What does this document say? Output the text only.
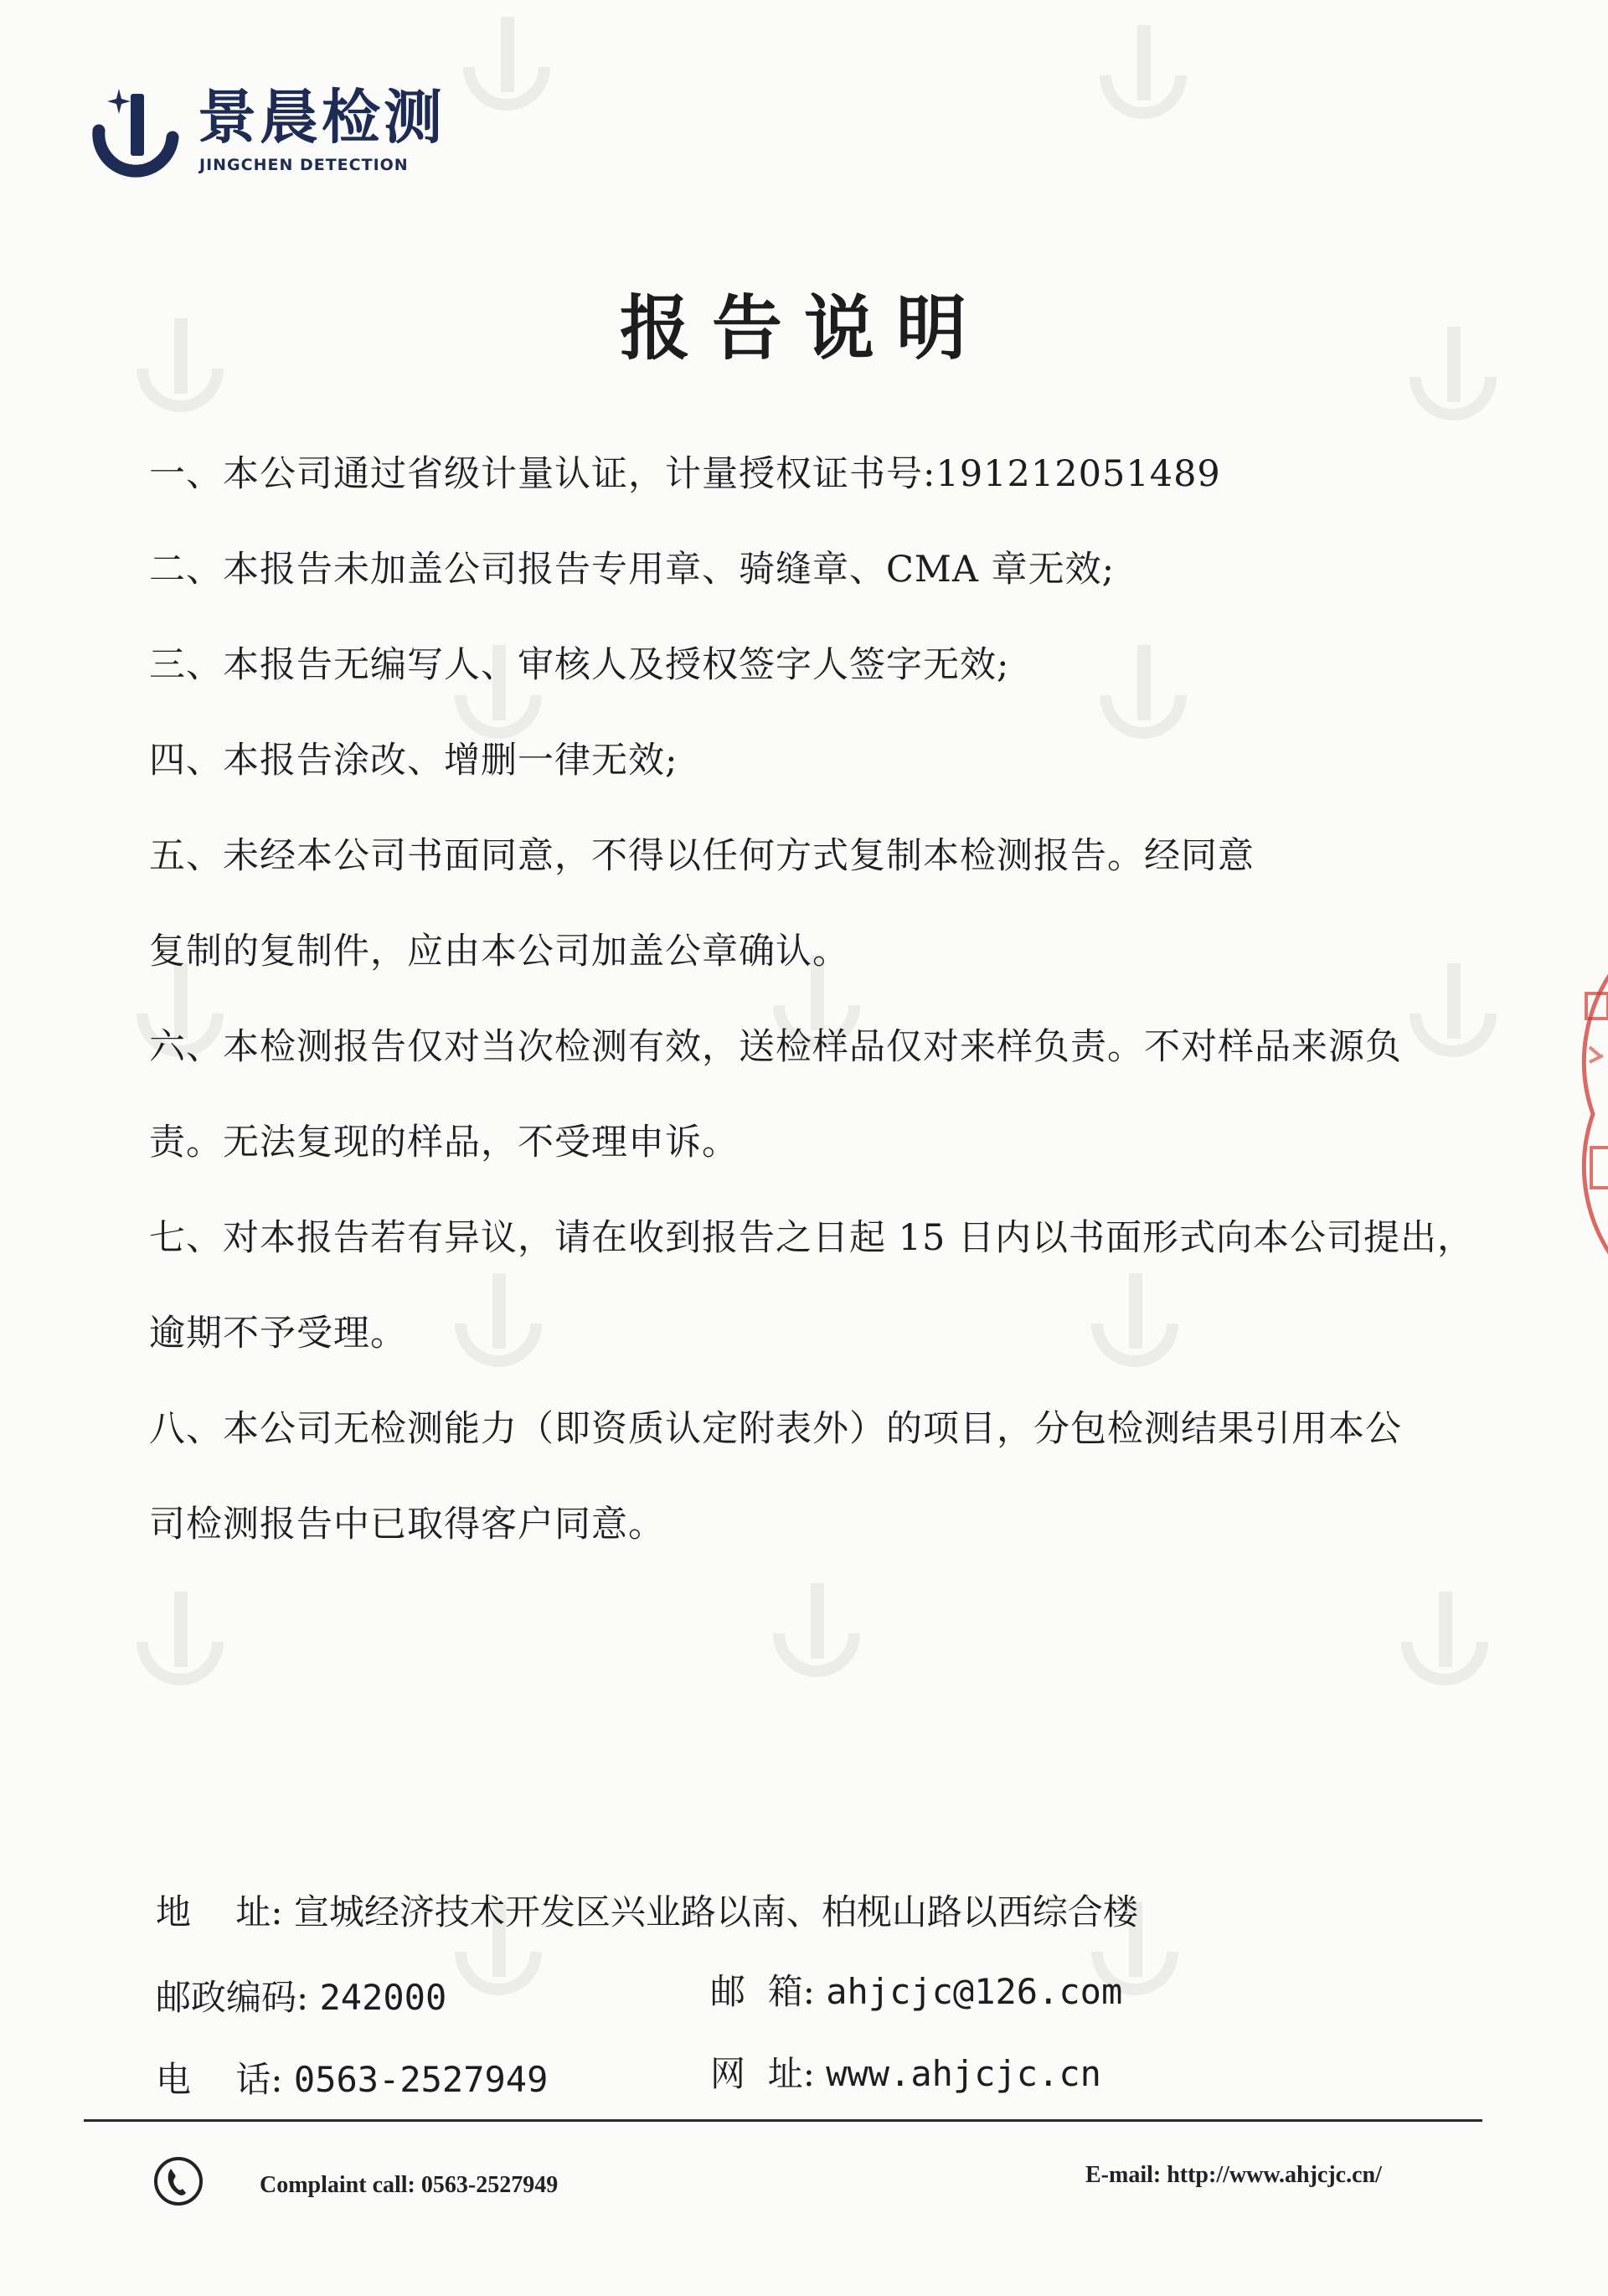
景晨检测
JINGCHEN DETECTION
报告说明
一、本公司通过省级计量认证，计量授权证书号:191212051489
二、本报告未加盖公司报告专用章、骑缝章、CMA 章无效;
三、本报告无编写人、审核人及授权签字人签字无效;
四、本报告涂改、增删一律无效;
五、未经本公司书面同意，不得以任何方式复制本检测报告。经同意
复制的复制件，应由本公司加盖公章确认。
六、本检测报告仅对当次检测有效，送检样品仅对来样负责。不对样品来源负
责。无法复现的样品，不受理申诉。
七、对本报告若有异议，请在收到报告之日起 15 日内以书面形式向本公司提出，
逾期不予受理。
八、本公司无检测能力（即资质认定附表外）的项目，分包检测结果引用本公
司检测报告中已取得客户同意。
地    址: 宣城经济技术开发区兴业路以南、柏枧山路以西综合楼
邮政编码: 242000	邮  箱: ahjcjc@126.com
电    话: 0563-2527949	网  址: www.ahjcjc.cn
Complaint call: 0563-2527949	E-mail: http://www.ahjcjc.cn/
